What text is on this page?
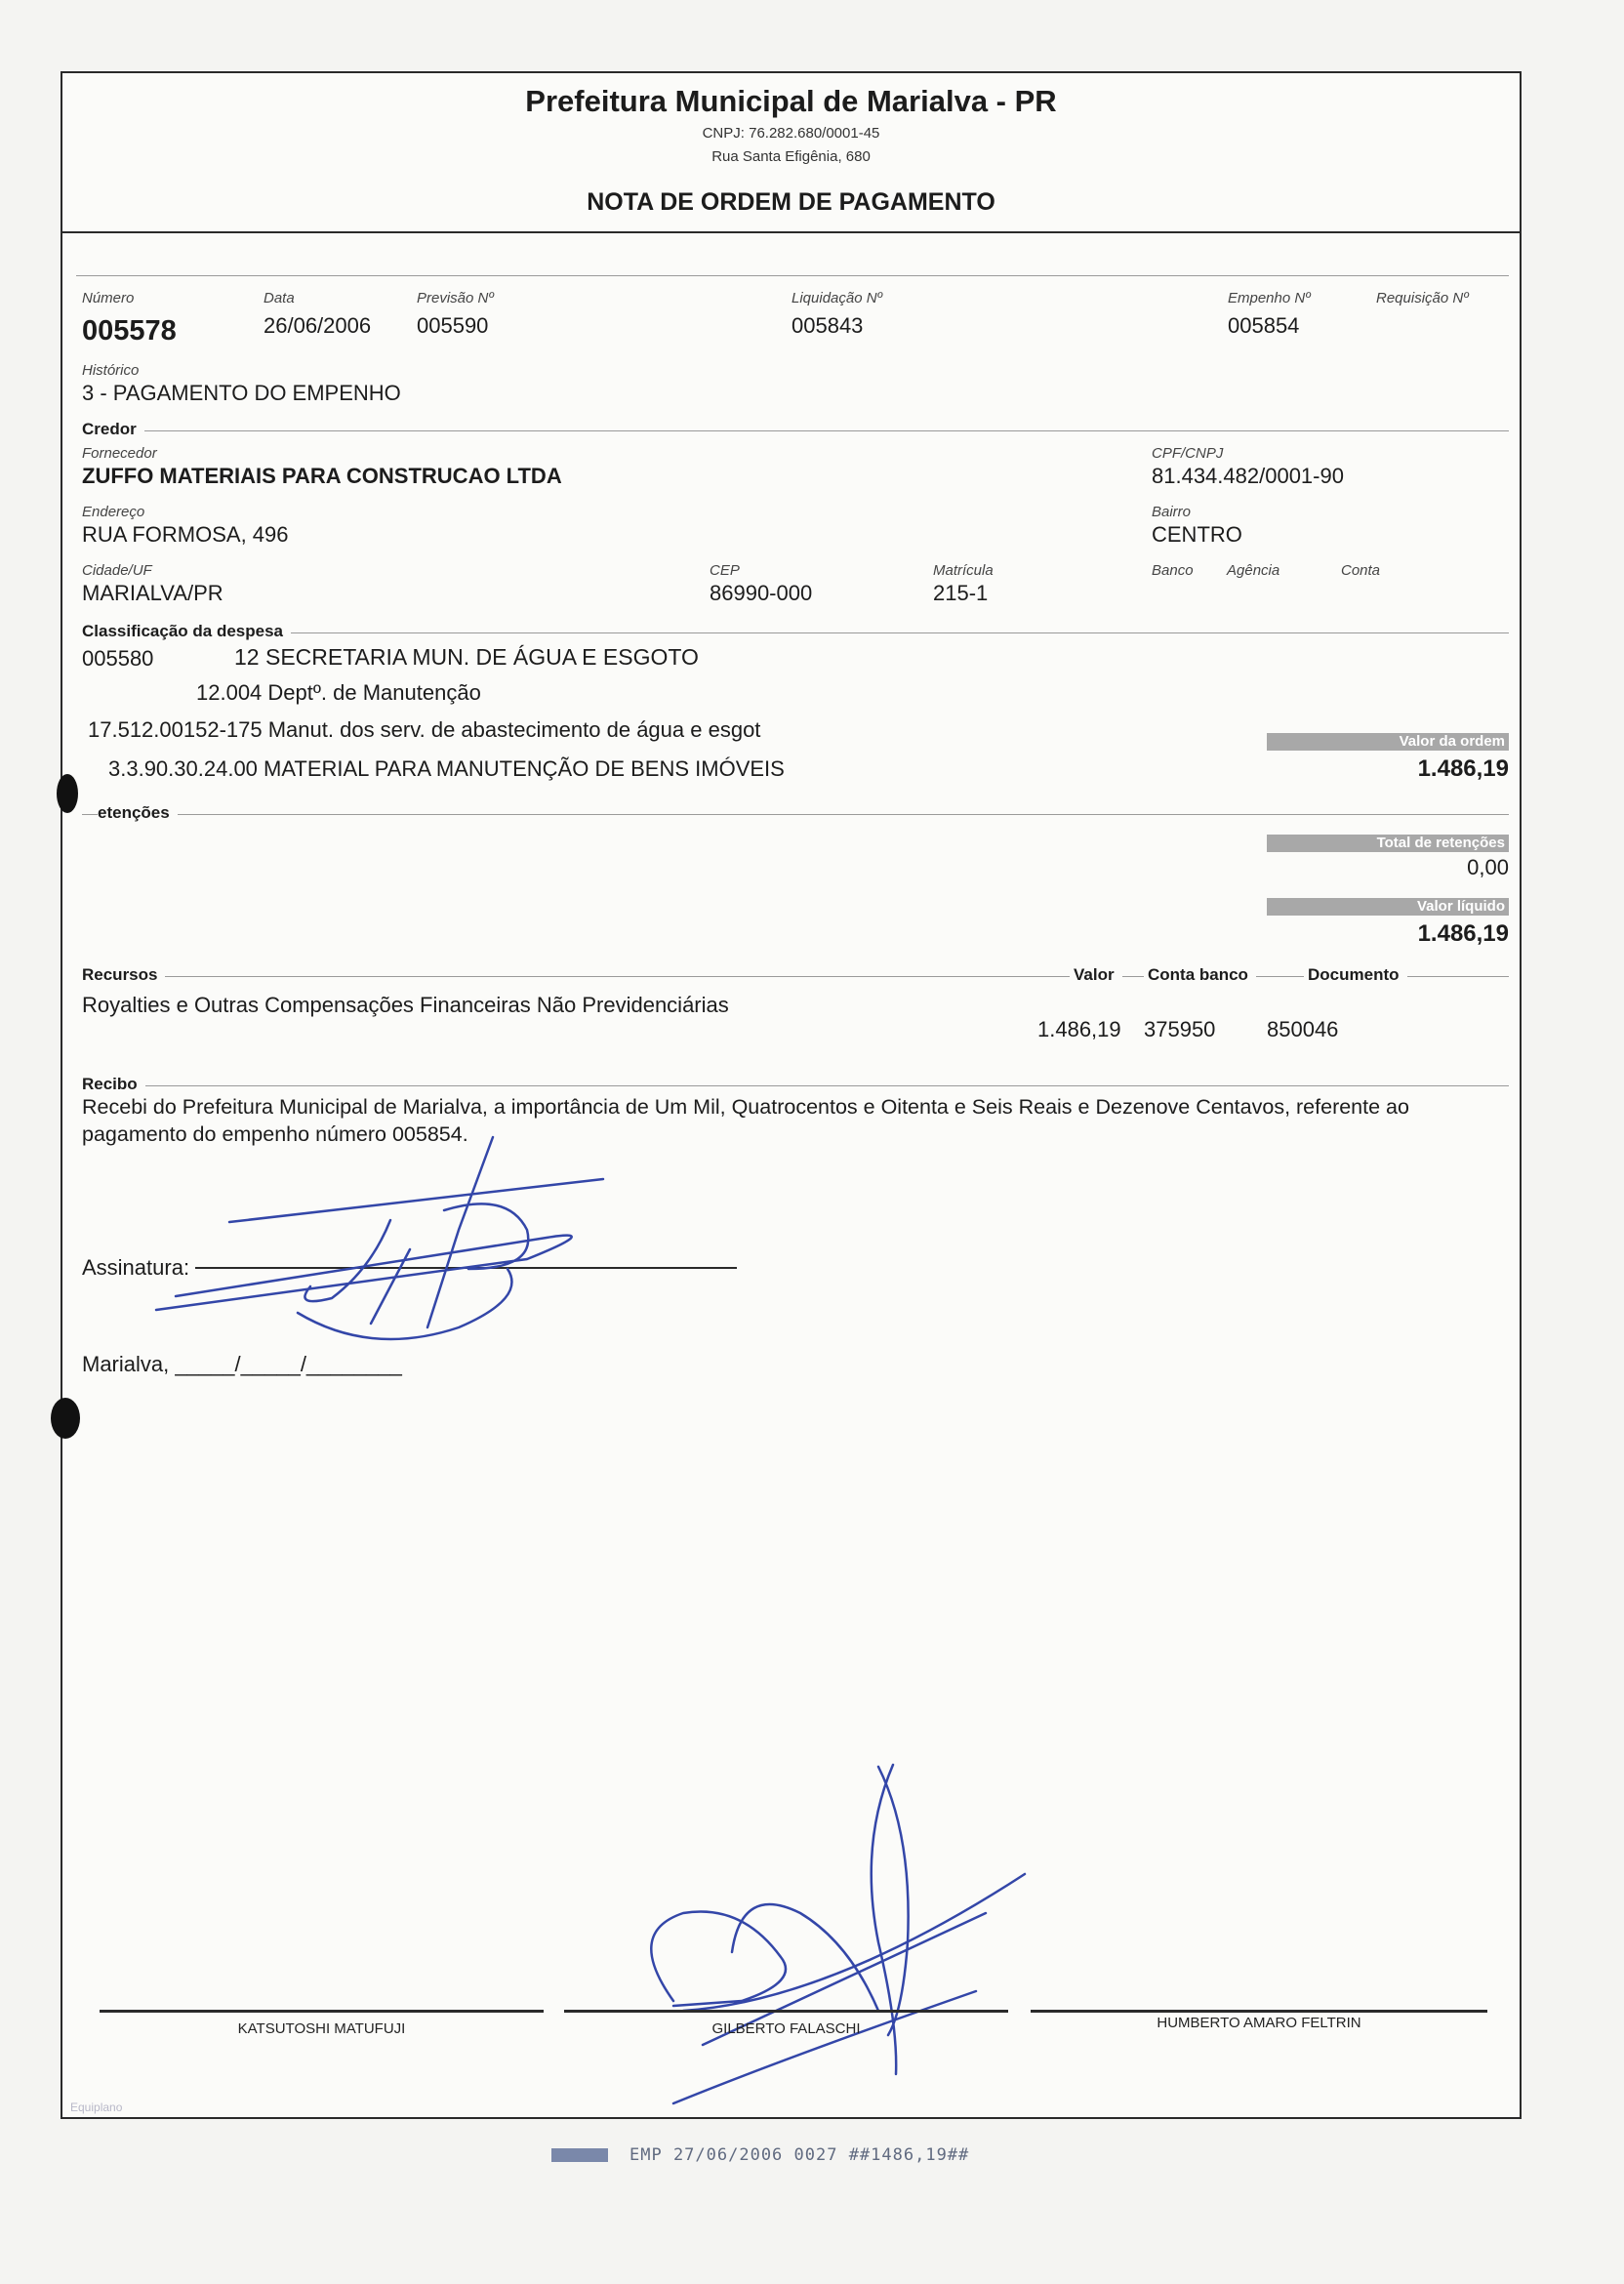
Prefeitura Municipal de Marialva - PR
CNPJ: 76.282.680/0001-45
Rua Santa Efigênia, 680
NOTA DE ORDEM DE PAGAMENTO
Número
005578
Data
26/06/2006
Previsão Nº
005590
Liquidação Nº
005843
Empenho Nº
005854
Requisição Nº
Histórico
3 - PAGAMENTO DO EMPENHO
Credor
Fornecedor
ZUFFO MATERIAIS PARA CONSTRUCAO LTDA
CPF/CNPJ
81.434.482/0001-90
Endereço
RUA FORMOSA, 496
Bairro
CENTRO
Cidade/UF
MARIALVA/PR
CEP
86990-000
Matrícula
215-1
Banco Agência	Conta
Classificação da despesa
005580	12 SECRETARIA MUN. DE ÁGUA E ESGOTO
12.004 Deptº. de Manutenção
17.512.00152-175 Manut. dos serv. de abastecimento de água e esgot
3.3.90.30.24.00 MATERIAL PARA MANUTENÇÃO DE BENS IMÓVEIS
Valor da ordem
1.486,19
etenções
Total de retenções
0,00
Valor líquido
1.486,19
Recursos	Valor	Conta banco	Documento
Royalties e Outras Compensações Financeiras Não Previdenciárias
1.486,19 375950 850046
Recibo
Recebi do Prefeitura Municipal de Marialva, a importância de Um Mil, Quatrocentos e Oitenta e Seis Reais e Dezenove Centavos, referente ao pagamento do empenho número 005854.
Assinatura:
Marialva, _____/_____/________
KATSUTOSHI MATUFUJI	GILBERTO FALASCHI	HUMBERTO AMARO FELTRIN
Equiplano
EMP 27/06/2006 0027 ##1486,19##
